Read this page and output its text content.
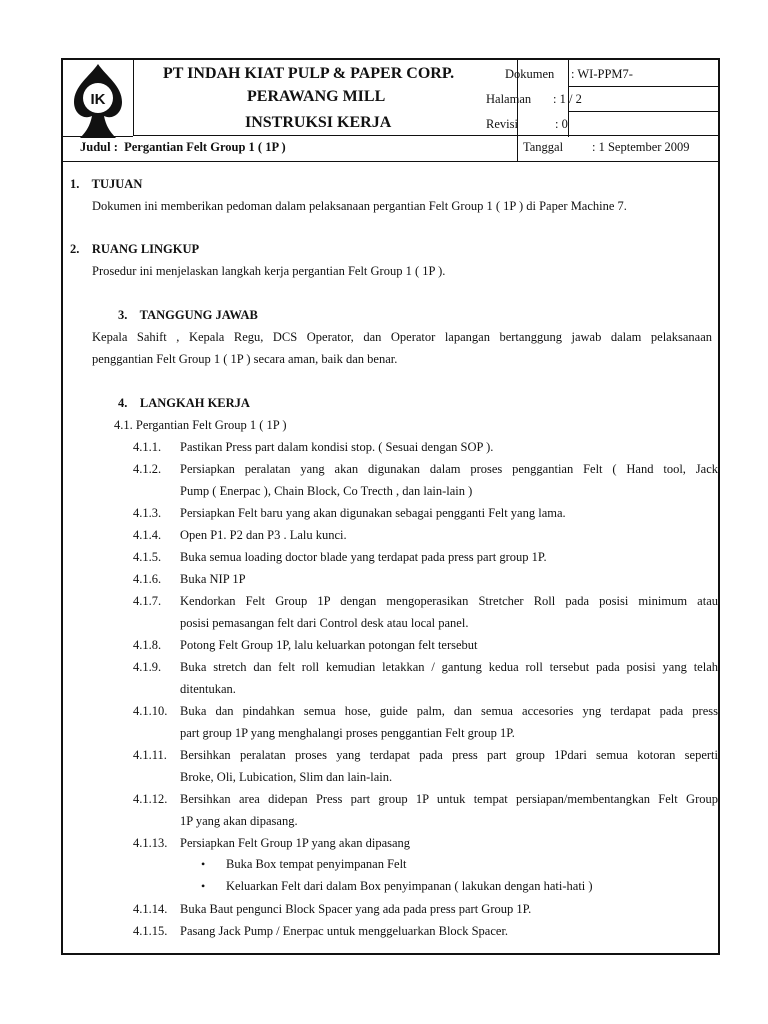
IK
PT INDAH KIAT PULP & PAPER CORP.
PERAWANG MILL
INSTRUKSI KERJA
Dokumen : WI-PPM7-
Halaman : 1 / 2
Revisi	: 0
Judul : Pergantian Felt Group 1 ( 1P )	Tanggal : 1 September 2009
1. TUJUAN
Dokumen ini memberikan pedoman dalam pelaksanaan pergantian Felt Group 1 ( 1P ) di Paper Machine 7.
2. RUANG LINGKUP
Prosedur ini menjelaskan langkah kerja pergantian Felt Group 1 ( 1P ).
3. TANGGUNG JAWAB
Kepala Sahift , Kepala Regu, DCS Operator, dan Operator lapangan bertanggung jawab dalam pelaksanaan
penggantian Felt Group 1 ( 1P ) secara aman, baik dan benar.
4. LANGKAH KERJA
4.1. Pergantian Felt Group 1 ( 1P )
4.1.1. Pastikan Press part dalam kondisi stop. ( Sesuai dengan SOP ).
4.1.2. Persiapkan peralatan yang akan digunakan dalam proses penggantian Felt ( Hand tool, Jack
Pump ( Enerpac ), Chain Block, Co Trecth , dan lain-lain )
4.1.3. Persiapkan Felt baru yang akan digunakan sebagai pengganti Felt yang lama.
4.1.4. Open P1. P2 dan P3 . Lalu kunci.
4.1.5. Buka semua loading doctor blade yang terdapat pada press part group 1P.
4.1.6. Buka NIP 1P
4.1.7. Kendorkan Felt Group 1P dengan mengoperasikan Stretcher Roll pada posisi minimum atau
posisi pemasangan felt dari Control desk atau local panel.
4.1.8. Potong Felt Group 1P, lalu keluarkan potongan felt tersebut
4.1.9. Buka stretch dan felt roll kemudian letakkan / gantung kedua roll tersebut pada posisi yang telah
ditentukan.
4.1.10. Buka dan pindahkan semua hose, guide palm, dan semua accesories yng terdapat pada press
part group 1P yang menghalangi proses penggantian Felt group 1P.
4.1.11. Bersihkan peralatan proses yang terdapat pada press part group 1Pdari semua kotoran seperti
Broke, Oli, Lubication, Slim dan lain-lain.
4.1.12. Bersihkan area didepan Press part group 1P untuk tempat persiapan/membentangkan Felt Group
1P yang akan dipasang.
4.1.13. Persiapkan Felt Group 1P yang akan dipasang
• Buka Box tempat penyimpanan Felt
• Keluarkan Felt dari dalam Box penyimpanan ( lakukan dengan hati-hati )
4.1.14. Buka Baut pengunci Block Spacer yang ada pada press part Group 1P.
4.1.15. Pasang Jack Pump / Enerpac untuk menggeluarkan Block Spacer.
